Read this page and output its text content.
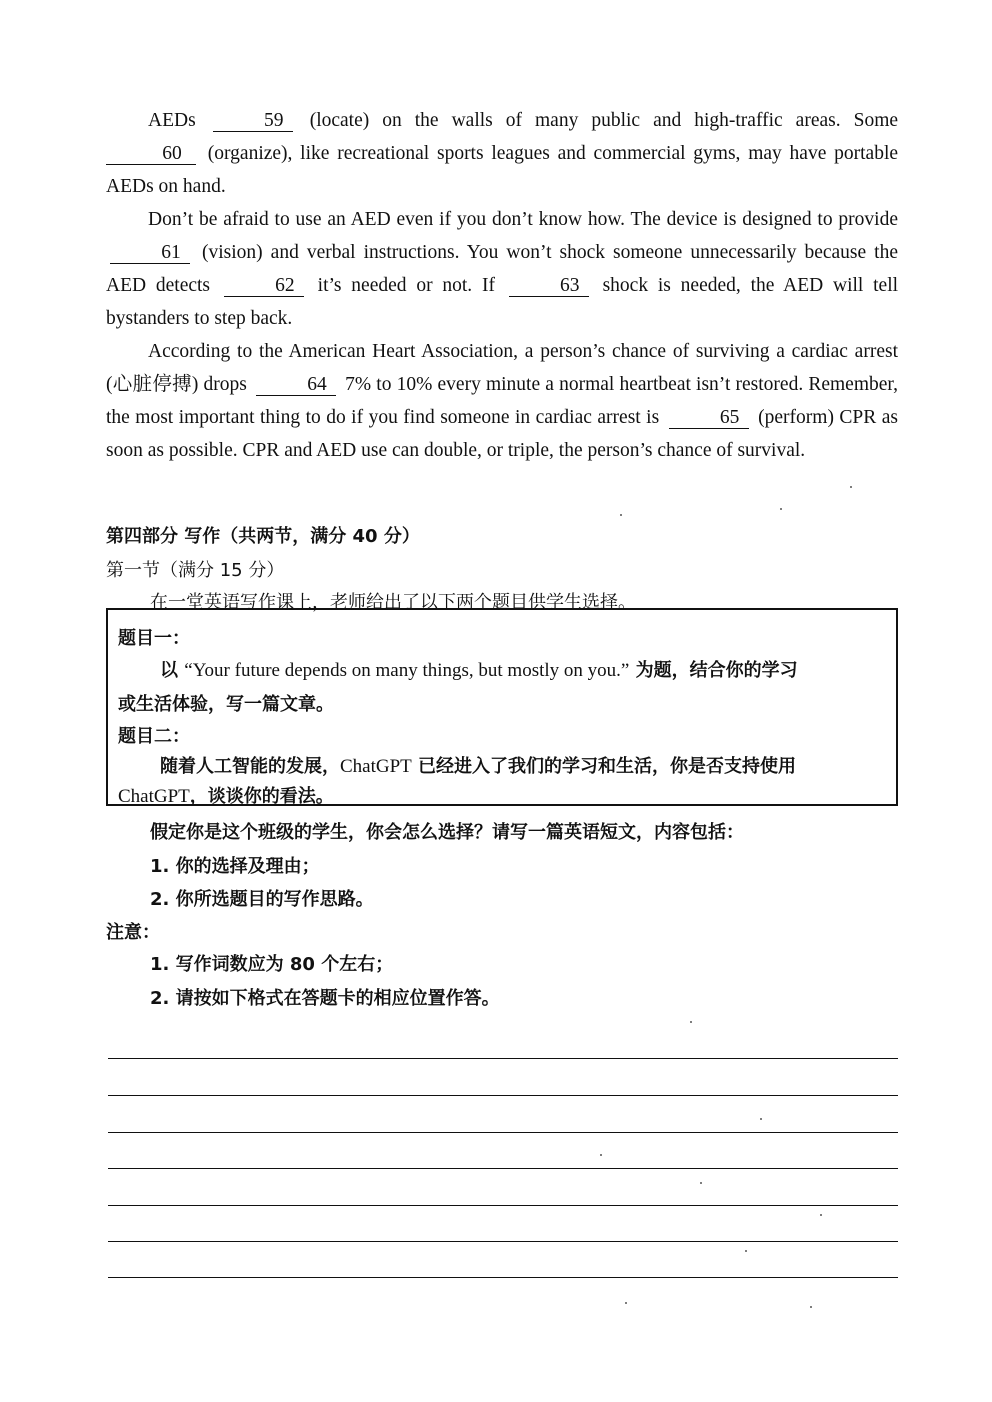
AEDs	59 (locate) on the walls of many public and high-traffic areas. Some 60 (organize), like recreational sports leagues and commercial gyms, may have portable AEDs on hand.

Don’t be afraid to use an AED even if you don’t know how. The device is designed to provide 61 (vision) and verbal instructions. You won’t shock someone unnecessarily because the AED detects	62 it’s needed or not. If	63 shock is needed, the AED will tell bystanders to step back.

According to the American Heart Association, a person’s chance of surviving a cardiac arrest (心脏停搏) drops	64 7% to 10% every minute a normal heartbeat isn’t restored. Remember, the most important thing to do if you find someone in cardiac arrest is	65 (perform) CPR as soon as possible. CPR and AED use can double, or triple, the person’s chance of survival.

第四部分 写作（共两节，满分 40 分）
第一节（满分 15 分）
在一堂英语写作课上，老师给出了以下两个题目供学生选择。
题目一：
以 “Your future depends on many things, but mostly on you.” 为题，结合你的学习
或生活体验，写一篇文章。
题目二：
随着人工智能的发展，ChatGPT 已经进入了我们的学习和生活，你是否支持使用
ChatGPT，谈谈你的看法。
假定你是这个班级的学生，你会怎么选择？请写一篇英语短文，内容包括：
1. 你的选择及理由；
2. 你所选题目的写作思路。
注意：
1. 写作词数应为 80 个左右；
2. 请按如下格式在答题卡的相应位置作答。
